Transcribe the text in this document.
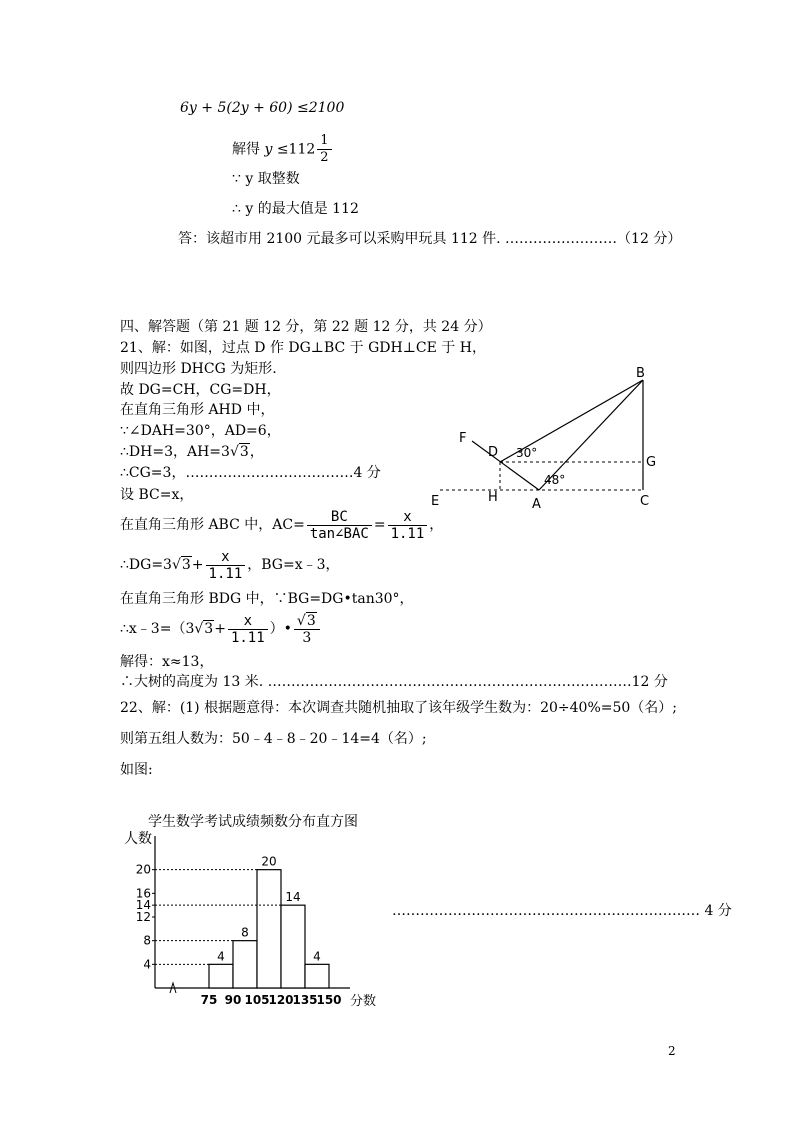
6y + 5(2y + 60) ≤2100
解得 $y \le 112 \frac{1}{2}$
∵ y 取整数
∴ y 的最大值是 112
答：该超市用 2100 元最多可以采购甲玩具 112 件. ……………………（12 分）
四、解答题（第 21 题 12 分，第 22 题 12 分，共 24 分）
21、解：如图，过点 D 作 DG⊥BC 于 GDH⊥CE 于 H，
则四边形 DHCG 为矩形.
故 DG=CH，CG=DH，
在直角三角形 AHD 中，
∵∠DAH=30°，AD=6，
∴DH=3，AH=3√3，
∴CG=3，………………………………4 分
设 BC=x，
在直角三角形 ABC 中，$AC= \frac{BC}{\text{tan∠BAC}} = \frac{x}{1.11}$ ，
∴DG=3√3+ $\frac{x}{1.11}$ ，BG=x﹣3，
在直角三角形 BDG 中，∵BG=DG•tan30°，
∴x﹣3=（3√3+ $\frac{x}{1.11}$ ）• $\frac{√3}{3}$
解得：x≈13，
∴大树的高度为 13 米. ……………………………………………………………………12 分
22、解：(1) 根据题意得：本次调查共随机抽取了该年级学生数为：20÷40%=50（名）;
则第五组人数为：50﹣4﹣8﹣20﹣14=4（名）;
如图:
………………………………………………………… 4 分
B
F
D
G
E	H	A	C
30°
48°
学生数学考试成绩频数分布直方图
人数
分数
4
8
12
14
16
20
4
8
20
14
4
75 90 105
120
135
150
2
